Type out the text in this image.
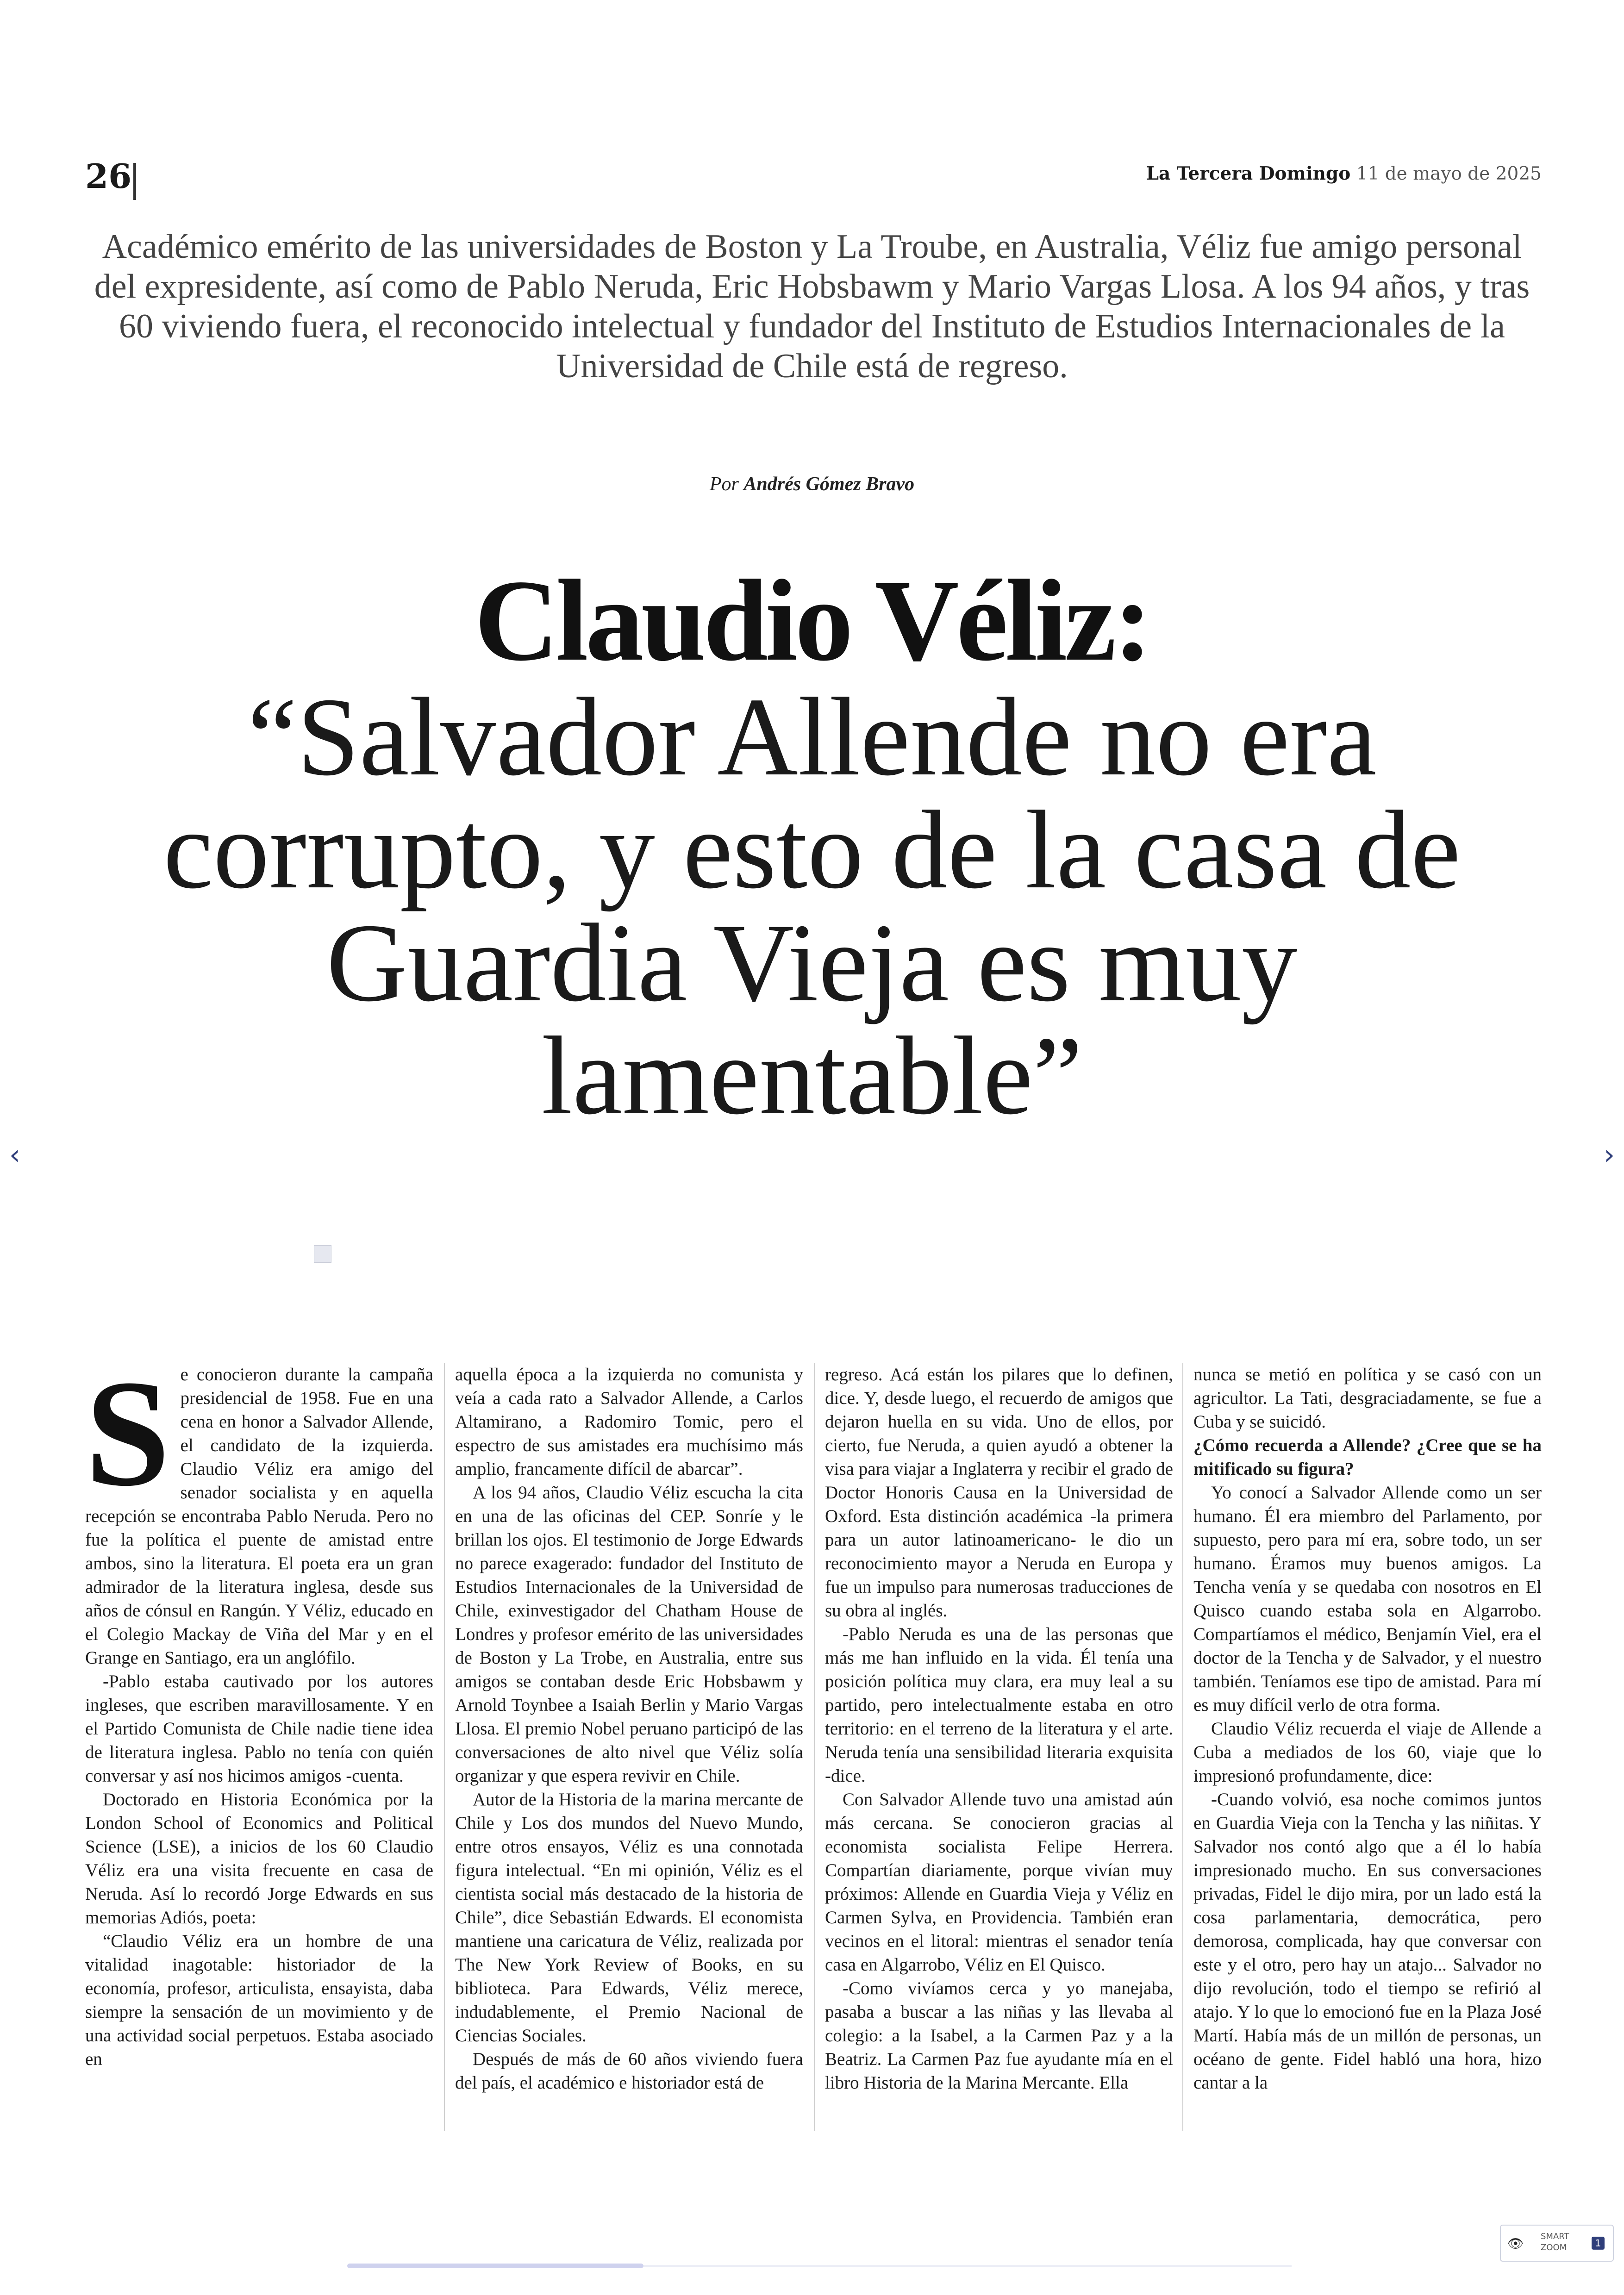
26	La Tercera Domingo 11 de mayo de 2025
Académico emérito de las universidades de Boston y La Troube, en Australia, Véliz fue amigo personal del expresidente, así como de Pablo Neruda, Eric Hobsbawm y Mario Vargas Llosa. A los 94 años, y tras 60 viviendo fuera, el reconocido intelectual y fundador del Instituto de Estudios Internacionales de la Universidad de Chile está de regreso.
Por Andrés Gómez Bravo
Claudio Véliz:
“Salvador Allende no era corrupto, y esto de la casa de Guardia Vieja es muy lamentable”
‹	›
S e conocieron durante la campaña presidencial de 1958. Fue en una cena en honor a Salvador Allende, el candidato de la izquierda. Claudio Véliz era amigo del senador socialista y en aquella recepción se encontraba Pablo Neruda. Pero no fue la política el puente de amistad entre ambos, sino la literatura. El poeta era un gran admirador de la literatura inglesa, desde sus años de cónsul en Rangún. Y Véliz, educado en el Colegio Mackay de Viña del Mar y en el Grange en Santiago, era un anglófilo.

-Pablo estaba cautivado por los autores ingleses, que escriben maravillosamente. Y en el Partido Comunista de Chile nadie tiene idea de literatura inglesa. Pablo no tenía con quién conversar y así nos hicimos amigos -cuenta.

Doctorado en Historia Económica por la London School of Economics and Political Science (LSE), a inicios de los 60 Claudio Véliz era una visita frecuente en casa de Neruda. Así lo recordó Jorge Edwards en sus memorias Adiós, poeta:

“Claudio Véliz era un hombre de una vitalidad inagotable: historiador de la economía, profesor, articulista, ensayista, daba siempre la sensación de un movimiento y de una actividad social perpetuos. Estaba asociado en

aquella época a la izquierda no comunista y veía a cada rato a Salvador Allende, a Carlos Altamirano, a Radomiro Tomic, pero el espectro de sus amistades era muchísimo más amplio, francamente difícil de abarcar”.

A los 94 años, Claudio Véliz escucha la cita en una de las oficinas del CEP. Sonríe y le brillan los ojos. El testimonio de Jorge Edwards no parece exagerado: fundador del Instituto de Estudios Internacionales de la Universidad de Chile, exinvestigador del Chatham House de Londres y profesor emérito de las universidades de Boston y La Trobe, en Australia, entre sus amigos se contaban desde Eric Hobsbawm y Arnold Toynbee a Isaiah Berlin y Mario Vargas Llosa. El premio Nobel peruano participó de las conversaciones de alto nivel que Véliz solía organizar y que espera revivir en Chile.

Autor de la Historia de la marina mercante de Chile y Los dos mundos del Nuevo Mundo, entre otros ensayos, Véliz es una connotada figura intelectual. “En mi opinión, Véliz es el cientista social más destacado de la historia de Chile”, dice Sebastián Edwards. El economista mantiene una caricatura de Véliz, realizada por The New York Review of Books, en su biblioteca. Para Edwards, Véliz merece, indudablemente, el Premio Nacional de Ciencias Sociales.

Después de más de 60 años viviendo fuera del país, el académico e historiador está de

regreso. Acá están los pilares que lo definen, dice. Y, desde luego, el recuerdo de amigos que dejaron huella en su vida. Uno de ellos, por cierto, fue Neruda, a quien ayudó a obtener la visa para viajar a Inglaterra y recibir el grado de Doctor Honoris Causa en la Universidad de Oxford. Esta distinción académica -la primera para un autor latinoamericano- le dio un reconocimiento mayor a Neruda en Europa y fue un impulso para numerosas traducciones de su obra al inglés.

-Pablo Neruda es una de las personas que más me han influido en la vida. Él tenía una posición política muy clara, era muy leal a su partido, pero intelectualmente estaba en otro territorio: en el terreno de la literatura y el arte. Neruda tenía una sensibilidad literaria exquisita -dice.

Con Salvador Allende tuvo una amistad aún más cercana. Se conocieron gracias al economista socialista Felipe Herrera. Compartían diariamente, porque vivían muy próximos: Allende en Guardia Vieja y Véliz en Carmen Sylva, en Providencia. También eran vecinos en el litoral: mientras el senador tenía casa en Algarrobo, Véliz en El Quisco.

-Como vivíamos cerca y yo manejaba, pasaba a buscar a las niñas y las llevaba al colegio: a la Isabel, a la Carmen Paz y a la Beatriz. La Carmen Paz fue ayudante mía en el libro Historia de la Marina Mercante. Ella

nunca se metió en política y se casó con un agricultor. La Tati, desgraciadamente, se fue a Cuba y se suicidó.

¿Cómo recuerda a Allende? ¿Cree que se ha mitificado su figura?

Yo conocí a Salvador Allende como un ser humano. Él era miembro del Parlamento, por supuesto, pero para mí era, sobre todo, un ser humano. Éramos muy buenos amigos. La Tencha venía y se quedaba con nosotros en El Quisco cuando estaba sola en Algarrobo. Compartíamos el médico, Benjamín Viel, era el doctor de la Tencha y de Salvador, y el nuestro también. Teníamos ese tipo de amistad. Para mí es muy difícil verlo de otra forma.

Claudio Véliz recuerda el viaje de Allende a Cuba a mediados de los 60, viaje que lo impresionó profundamente, dice:

-Cuando volvió, esa noche comimos juntos en Guardia Vieja con la Tencha y las niñitas. Y Salvador nos contó algo que a él lo había impresionado mucho. En sus conversaciones privadas, Fidel le dijo mira, por un lado está la cosa parlamentaria, democrática, pero demorosa, complicada, hay que conversar con este y el otro, pero hay un atajo... Salvador no dijo revolución, todo el tiempo se refirió al atajo. Y lo que lo emocionó fue en la Plaza José Martí. Había más de un millón de personas, un océano de gente. Fidel habló una hora, hizo cantar a la

👁 SMART
ZOOM	1
